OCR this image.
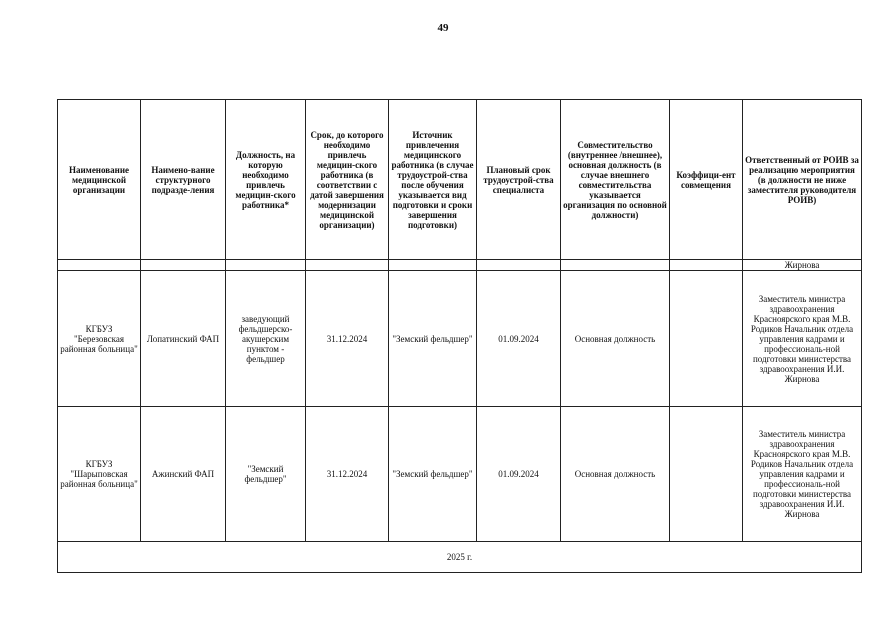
49
Наименование медицинской организации	Наимено-вание структурного подразде-ления	Должность, на которую необходимо привлечь медицин-ского работника*	Срок, до которого необходимо привлечь медицин-ского работника (в соответствии с датой завершения модернизации медицинской организации)	Источник привлечения медицинского работника (в случае трудоустрой-ства после обучения указывается вид подготовки и сроки завершения подготовки)	Плановый срок трудоустрой-ства специалиста	Совместительство (внутреннее /внешнее), основная должность (в случае внешнего совместительства указывается организация по основной должности)	Коэффици-ент совмещения	Ответственный от РОИВ за реализацию мероприятия (в должности не ниже заместителя руководителя РОИВ)
								Жирнова
КГБУЗ "Березовская районная больница"	Лопатинский ФАП	заведующий фельдшерско-акушерским пунктом - фельдшер	31.12.2024	"Земский фельдшер"	01.09.2024	Основная должность		Заместитель министра здравоохранения Красноярского края М.В. Родиков Начальник отдела управления кадрами и профессиональ-ной подготовки министерства здравоохранения И.И. Жирнова
КГБУЗ "Шарыповская районная больница"	Ажинский ФАП	"Земский фельдшер"	31.12.2024	"Земский фельдшер"	01.09.2024	Основная должность		Заместитель министра здравоохранения Красноярского края М.В. Родиков Начальник отдела управления кадрами и профессиональ-ной подготовки министерства здравоохранения И.И. Жирнова
2025 г.								
